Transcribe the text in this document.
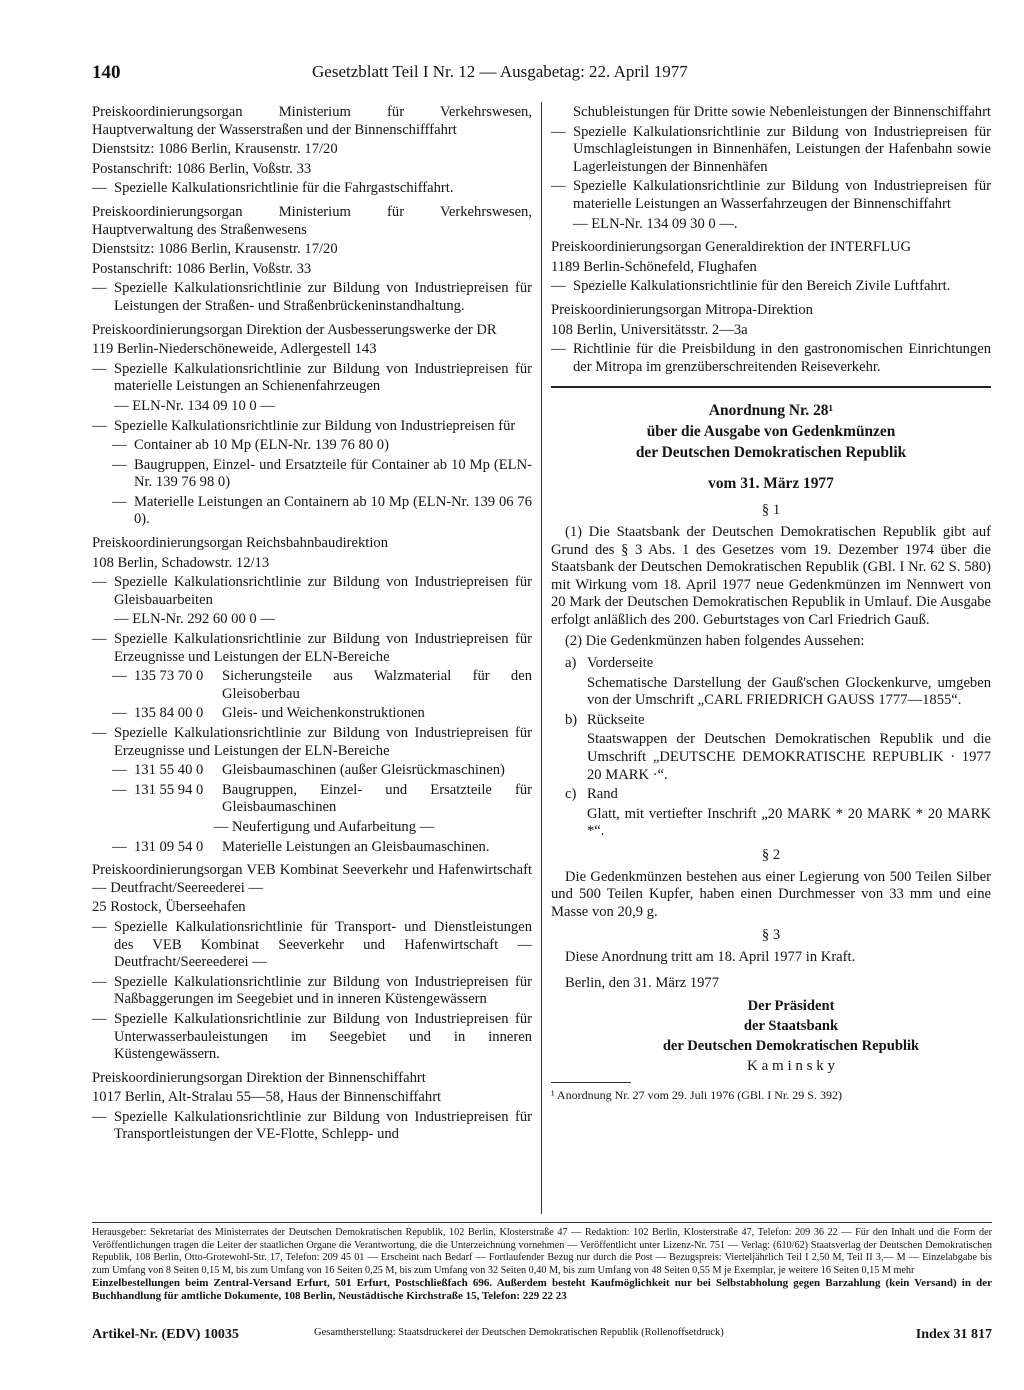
140	Gesetzblatt Teil I Nr. 12 — Ausgabetag: 22. April 1977

Preiskoordinierungsorgan Ministerium für Verkehrswesen, Hauptverwaltung der Wasserstraßen und der Binnenschifffahrt

Dienstsitz: 1086 Berlin, Krausenstr. 17/20

Postanschrift: 1086 Berlin, Voßstr. 33

— Spezielle Kalkulationsrichtlinie für die Fahrgastschiffahrt.

Preiskoordinierungsorgan Ministerium für Verkehrswesen, Hauptverwaltung des Straßenwesens

Dienstsitz: 1086 Berlin, Krausenstr. 17/20

Postanschrift: 1086 Berlin, Voßstr. 33

— Spezielle Kalkulationsrichtlinie zur Bildung von Industriepreisen für Leistungen der Straßen- und Straßenbrückeninstandhaltung.

Preiskoordinierungsorgan Direktion der Ausbesserungswerke der DR

119 Berlin-Niederschöneweide, Adlergestell 143

— Spezielle Kalkulationsrichtlinie zur Bildung von Industriepreisen für materielle Leistungen an Schienenfahrzeugen

— ELN-Nr. 134 09 10 0 —

— Spezielle Kalkulationsrichtlinie zur Bildung von Industriepreisen für
— Container ab 10 Mp (ELN-Nr. 139 76 80 0)
— Baugruppen, Einzel- und Ersatzteile für Container ab 10 Mp (ELN-Nr. 139 76 98 0)
— Materielle Leistungen an Containern ab 10 Mp (ELN-Nr. 139 06 76 0).

Preiskoordinierungsorgan Reichsbahnbaudirektion

108 Berlin, Schadowstr. 12/13

— Spezielle Kalkulationsrichtlinie zur Bildung von Industriepreisen für Gleisbauarbeiten

— ELN-Nr. 292 60 00 0 —

— Spezielle Kalkulationsrichtlinie zur Bildung von Industriepreisen für Erzeugnisse und Leistungen der ELN-Bereiche
— 135 73 70 0	Sicherungsteile aus Walzmaterial für den Gleisoberbau
— 135 84 00 0	Gleis- und Weichenkonstruktionen
— Spezielle Kalkulationsrichtlinie zur Bildung von Industriepreisen für Erzeugnisse und Leistungen der ELN-Bereiche
— 131 55 40 0	Gleisbaumaschinen (außer Gleisrückmaschinen)
— 131 55 94 0	Baugruppen, Einzel- und Ersatzteile für Gleisbaumaschinen

— Neufertigung und Aufarbeitung —

— 131 09 54 0	Materielle Leistungen an Gleisbaumaschinen.

Preiskoordinierungsorgan VEB Kombinat Seeverkehr und Hafenwirtschaft — Deutfracht/Seereederei —

25 Rostock, Überseehafen

— Spezielle Kalkulationsrichtlinie für Transport- und Dienstleistungen des VEB Kombinat Seeverkehr und Hafenwirtschaft — Deutfracht/Seereederei —
— Spezielle Kalkulationsrichtlinie zur Bildung von Industriepreisen für Naßbaggerungen im Seegebiet und in inneren Küstengewässern
— Spezielle Kalkulationsrichtlinie zur Bildung von Industriepreisen für Unterwasserbauleistungen im Seegebiet und in inneren Küstengewässern.

Preiskoordinierungsorgan Direktion der Binnenschiffahrt

1017 Berlin, Alt-Stralau 55—58, Haus der Binnenschiffahrt

— Spezielle Kalkulationsrichtlinie zur Bildung von Industriepreisen für Transportleistungen der VE-Flotte, Schlepp- und

Schubleistungen für Dritte sowie Nebenleistungen der Binnenschiffahrt

— Spezielle Kalkulationsrichtlinie zur Bildung von Industriepreisen für Umschlagleistungen in Binnenhäfen, Leistungen der Hafenbahn sowie Lagerleistungen der Binnenhäfen
— Spezielle Kalkulationsrichtlinie zur Bildung von Industriepreisen für materielle Leistungen an Wasserfahrzeugen der Binnenschiffahrt

— ELN-Nr. 134 09 30 0 —.

Preiskoordinierungsorgan Generaldirektion der INTERFLUG

1189 Berlin-Schönefeld, Flughafen

— Spezielle Kalkulationsrichtlinie für den Bereich Zivile Luftfahrt.

Preiskoordinierungsorgan Mitropa-Direktion

108 Berlin, Universitätsstr. 2—3a

— Richtlinie für die Preisbildung in den gastronomischen Einrichtungen der Mitropa im grenzüberschreitenden Reiseverkehr.
Anordnung Nr. 28¹
über die Ausgabe von Gedenkmünzen
der Deutschen Demokratischen Republik
vom 31. März 1977
§ 1

(1) Die Staatsbank der Deutschen Demokratischen Republik gibt auf Grund des § 3 Abs. 1 des Gesetzes vom 19. Dezember 1974 über die Staatsbank der Deutschen Demokratischen Republik (GBl. I Nr. 62 S. 580) mit Wirkung vom 18. April 1977 neue Gedenkmünzen im Nennwert von 20 Mark der Deutschen Demokratischen Republik in Umlauf. Die Ausgabe erfolgt anläßlich des 200. Geburtstages von Carl Friedrich Gauß.

(2) Die Gedenkmünzen haben folgendes Aussehen:

a) Vorderseite

Schematische Darstellung der Gauß'schen Glockenkurve, umgeben von der Umschrift „CARL FRIEDRICH GAUSS 1777—1855“.

b) Rückseite

Staatswappen der Deutschen Demokratischen Republik und die Umschrift „DEUTSCHE DEMOKRATISCHE REPUBLIK · 1977 20 MARK ·“.

c) Rand

Glatt, mit vertiefter Inschrift „20 MARK * 20 MARK * 20 MARK *“.

§ 2

Die Gedenkmünzen bestehen aus einer Legierung von 500 Teilen Silber und 500 Teilen Kupfer, haben einen Durchmesser von 33 mm und eine Masse von 20,9 g.

§ 3

Diese Anordnung tritt am 18. April 1977 in Kraft.

Berlin, den 31. März 1977

Der Präsident
der Staatsbank
der Deutschen Demokratischen Republik
K a m i n s k y

¹ Anordnung Nr. 27 vom 29. Juli 1976 (GBl. I Nr. 29 S. 392)

Herausgeber: Sekretariat des Ministerrates der Deutschen Demokratischen Republik, 102 Berlin, Klosterstraße 47 — Redaktion: 102 Berlin, Klosterstraße 47, Telefon: 209 36 22 — Für den Inhalt und die Form der Veröffentlichungen tragen die Leiter der staatlichen Organe die Verantwortung, die die Unterzeichnung vornehmen — Veröffentlicht unter Lizenz-Nr. 751 — Verlag: (610/62) Staatsverlag der Deutschen Demokratischen Republik, 108 Berlin, Otto-Grotewohl-Str. 17, Telefon: 209 45 01 — Erscheint nach Bedarf — Fortlaufender Bezug nur durch die Post — Bezugspreis: Vierteljährlich Teil I 2,50 M, Teil II 3,— M — Einzelabgabe bis zum Umfang von 8 Seiten 0,15 M, bis zum Umfang von 16 Seiten 0,25 M, bis zum Umfang von 32 Seiten 0,40 M, bis zum Umfang von 48 Seiten 0,55 M je Exemplar, je weitere 16 Seiten 0,15 M mehr

Einzelbestellungen beim Zentral-Versand Erfurt, 501 Erfurt, Postschließfach 696. Außerdem besteht Kaufmöglichkeit nur bei Selbstabholung gegen Barzahlung (kein Versand) in der Buchhandlung für amtliche Dokumente, 108 Berlin, Neustädtische Kirchstraße 15, Telefon: 229 22 23

Artikel-Nr. (EDV) 10035	Gesamtherstellung: Staatsdruckerei der Deutschen Demokratischen Republik (Rollenoffsetdruck)	Index 31 817
